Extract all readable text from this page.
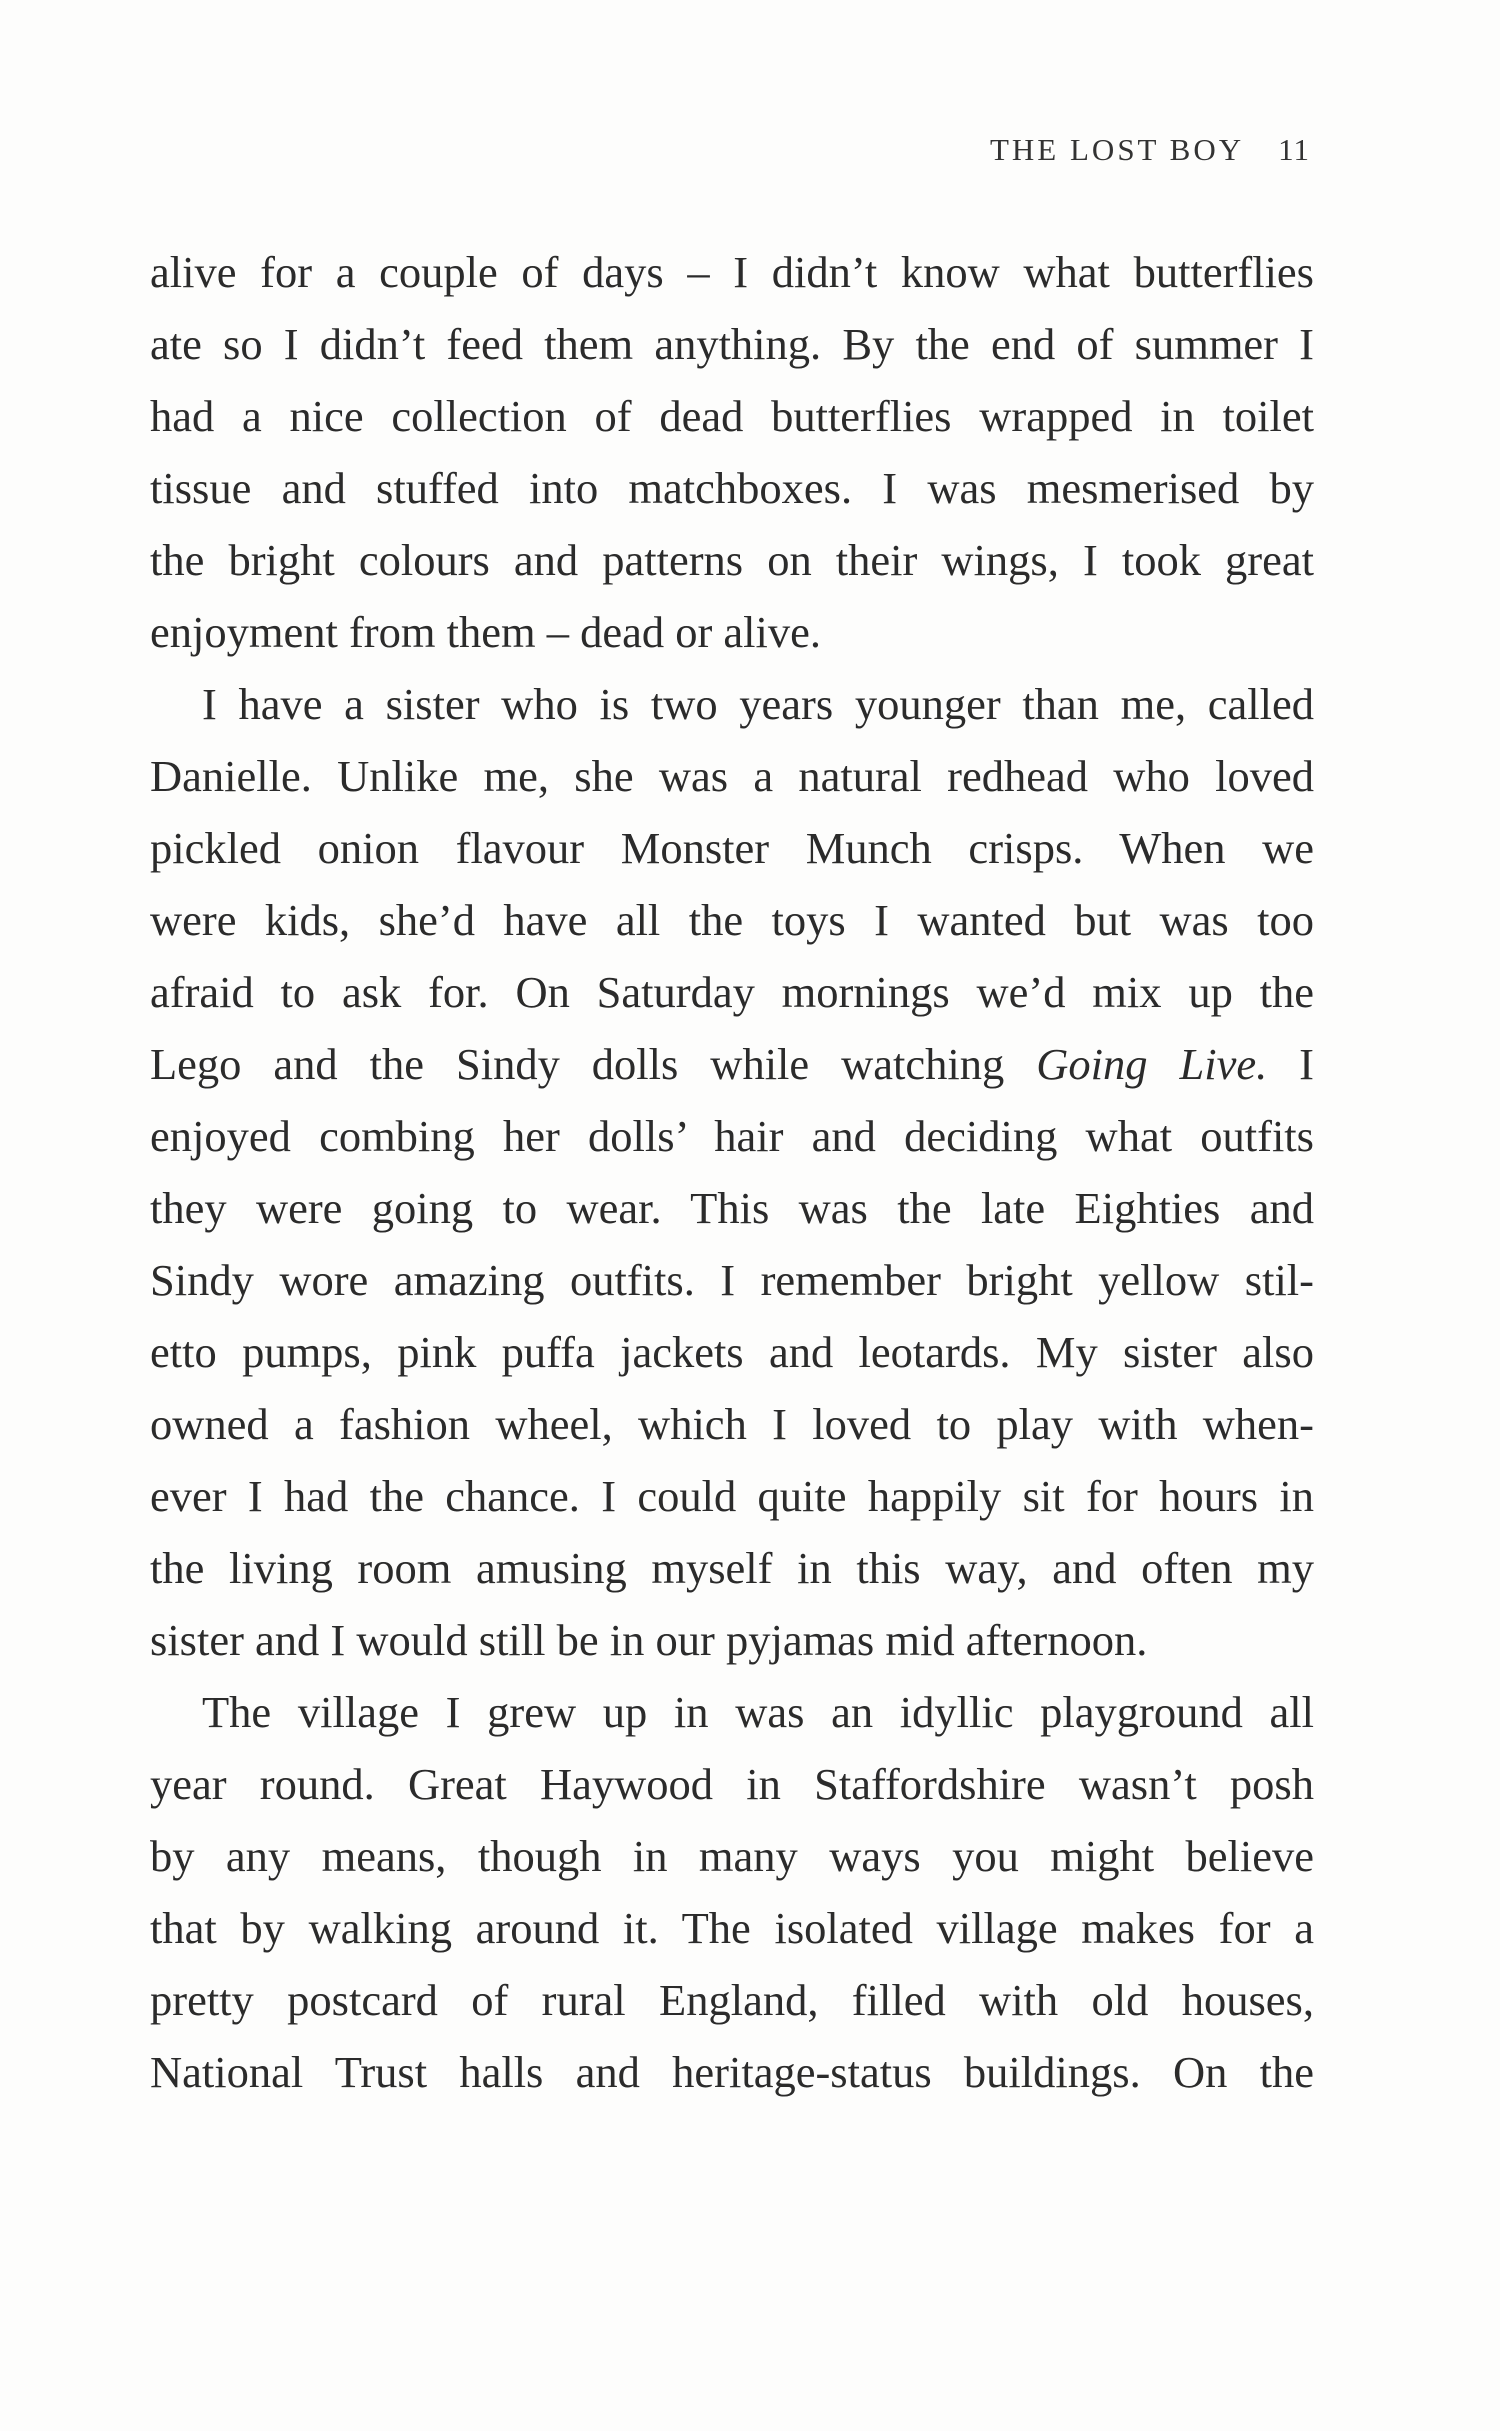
THE LOST BOY 11
alive for a couple of days – I didn’t know what butterflies
ate so I didn’t feed them anything. By the end of summer I
had a nice collection of dead butterflies wrapped in toilet
tissue and stuffed into matchboxes. I was mesmerised by
the bright colours and patterns on their wings, I took great
enjoyment from them – dead or alive.
I have a sister who is two years younger than me, called
Danielle. Unlike me, she was a natural redhead who loved
pickled onion flavour Monster Munch crisps. When we
were kids, she’d have all the toys I wanted but was too
afraid to ask for. On Saturday mornings we’d mix up the
Lego and the Sindy dolls while watching Going Live. I
enjoyed combing her dolls’ hair and deciding what outfits
they were going to wear. This was the late Eighties and
Sindy wore amazing outfits. I remember bright yellow stil-
etto pumps, pink puffa jackets and leotards. My sister also
owned a fashion wheel, which I loved to play with when-
ever I had the chance. I could quite happily sit for hours in
the living room amusing myself in this way, and often my
sister and I would still be in our pyjamas mid afternoon.
The village I grew up in was an idyllic playground all
year round. Great Haywood in Staffordshire wasn’t posh
by any means, though in many ways you might believe
that by walking around it. The isolated village makes for a
pretty postcard of rural England, filled with old houses,
National Trust halls and heritage-status buildings. On the
